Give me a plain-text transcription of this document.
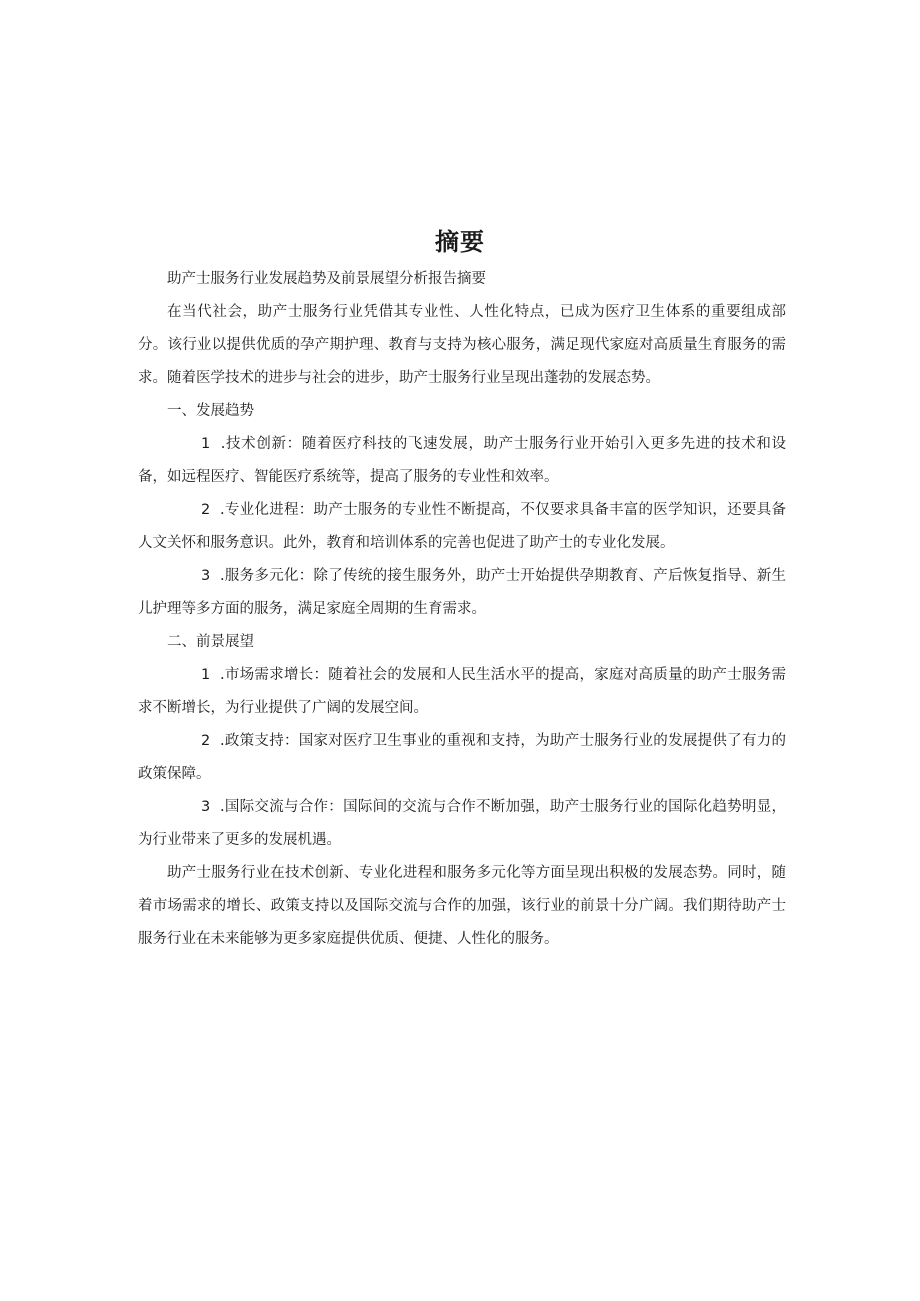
摘要

助产士服务行业发展趋势及前景展望分析报告摘要

在当代社会，助产士服务行业凭借其专业性、人性化特点，已成为医疗卫生体系的重要组成部分。该行业以提供优质的孕产期护理、教育与支持为核心服务，满足现代家庭对高质量生育服务的需求。随着医学技术的进步与社会的进步，助产士服务行业呈现出蓬勃的发展态势。

一、发展趋势

1 .技术创新：随着医疗科技的飞速发展，助产士服务行业开始引入更多先进的技术和设备，如远程医疗、智能医疗系统等，提高了服务的专业性和效率。

2 .专业化进程：助产士服务的专业性不断提高，不仅要求具备丰富的医学知识，还要具备人文关怀和服务意识。此外，教育和培训体系的完善也促进了助产士的专业化发展。

3 .服务多元化：除了传统的接生服务外，助产士开始提供孕期教育、产后恢复指导、新生儿护理等多方面的服务，满足家庭全周期的生育需求。

二、前景展望

1 .市场需求增长：随着社会的发展和人民生活水平的提高，家庭对高质量的助产士服务需求不断增长，为行业提供了广阔的发展空间。

2 .政策支持：国家对医疗卫生事业的重视和支持，为助产士服务行业的发展提供了有力的政策保障。

3 .国际交流与合作：国际间的交流与合作不断加强，助产士服务行业的国际化趋势明显，为行业带来了更多的发展机遇。

助产士服务行业在技术创新、专业化进程和服务多元化等方面呈现出积极的发展态势。同时，随着市场需求的增长、政策支持以及国际交流与合作的加强，该行业的前景十分广阔。我们期待助产士服务行业在未来能够为更多家庭提供优质、便捷、人性化的服务。
